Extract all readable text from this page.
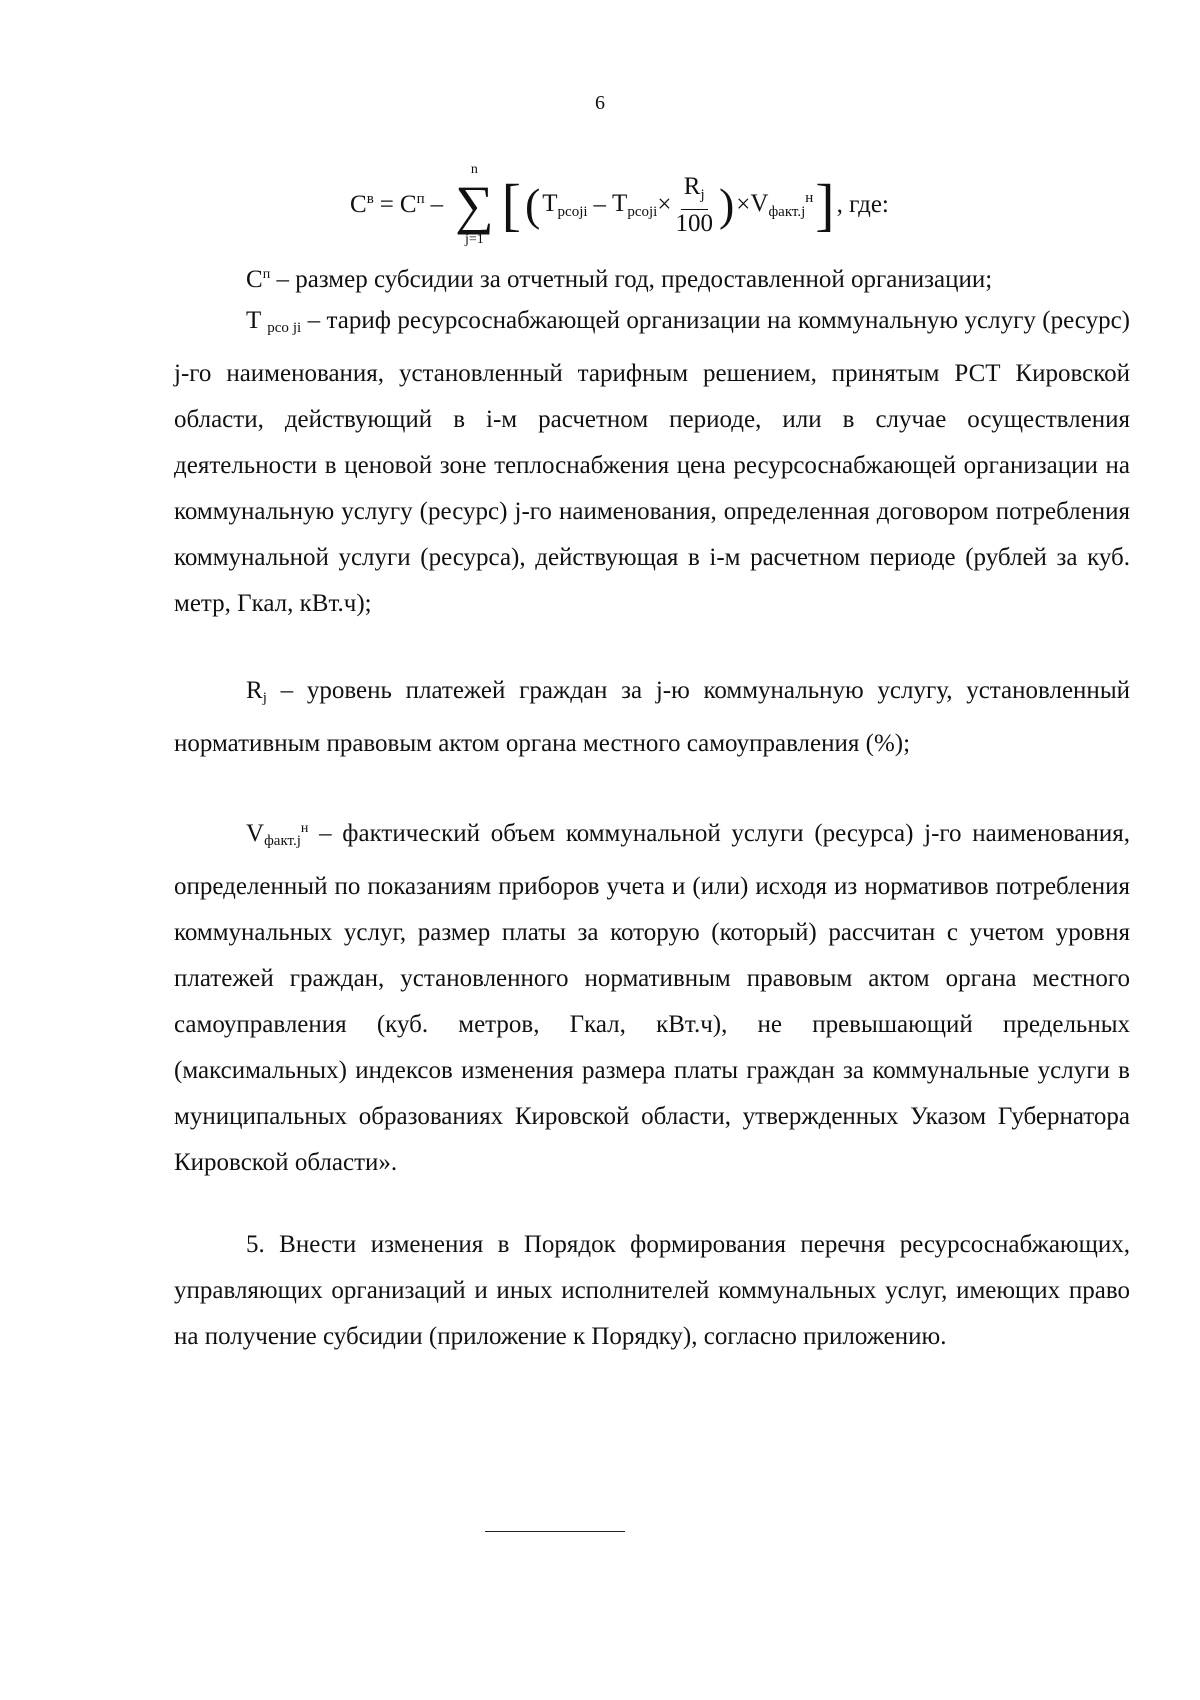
6
$C^в = C^п$ –
n
∑
j=1
[ ( $T_{рсоji} - T_{рсоji} \times \frac{R_j}{100}$ ) × $V_{факт.j}^н$ ] , где:

$C^п$ – размер субсидии за отчетный год, предоставленной организации;

T $_{рсо ji}$ – тариф ресурсоснабжающей организации на коммунальную услугу (ресурс) j-го наименования, установленный тарифным решением, принятым РСТ Кировской области, действующий в i-м расчетном периоде, или в случае осуществления деятельности в ценовой зоне теплоснабжения цена ресурсоснабжающей организации на коммунальную услугу (ресурс) j-го наименования, определенная договором потребления коммунальной услуги (ресурса), действующая в i-м расчетном периоде (рублей за куб. метр, Гкал, кВт.ч);

$R_j$ – уровень платежей граждан за j-ю коммунальную услугу, установленный нормативным правовым актом органа местного самоуправления (%);

$V_{факт.j}^н$ – фактический объем коммунальной услуги (ресурса) j-го наименования, определенный по показаниям приборов учета и (или) исходя из нормативов потребления коммунальных услуг, размер платы за которую (который) рассчитан с учетом уровня платежей граждан, установленного нормативным правовым актом органа местного самоуправления (куб. метров, Гкал, кВт.ч), не превышающий предельных (максимальных) индексов изменения размера платы граждан за коммунальные услуги в муниципальных образованиях Кировской области, утвержденных Указом Губернатора Кировской области».

5. Внести изменения в Порядок формирования перечня ресурсоснабжающих, управляющих организаций и иных исполнителей коммунальных услуг, имеющих право на получение субсидии (приложение к Порядку), согласно приложению.
